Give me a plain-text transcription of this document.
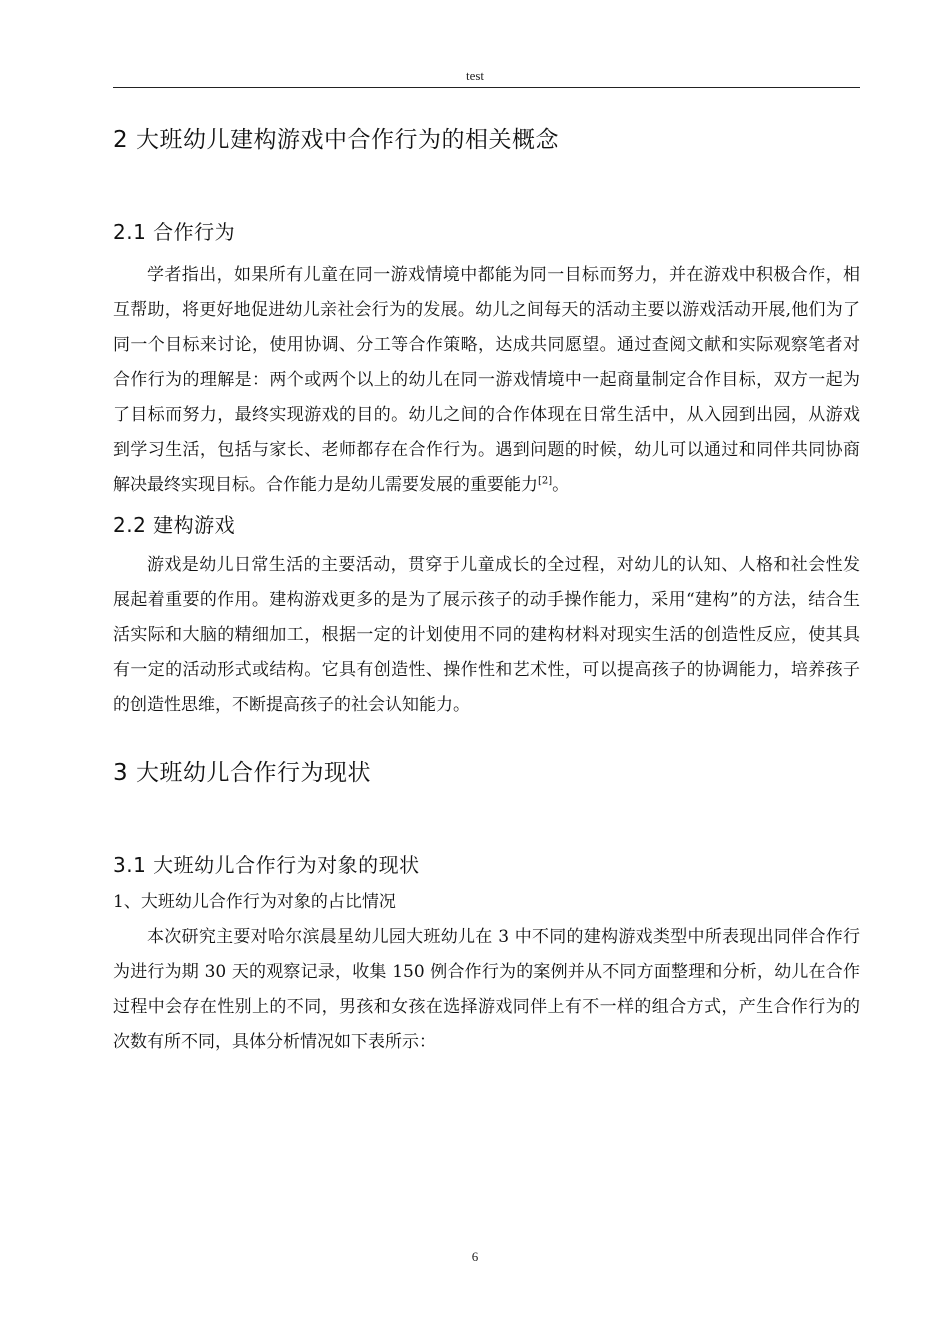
test
2 大班幼儿建构游戏中合作行为的相关概念
2.1 合作行为

学者指出，如果所有儿童在同一游戏情境中都能为同一目标而努力，并在游戏中积极合作，相互帮助，将更好地促进幼儿亲社会行为的发展。幼儿之间每天的活动主要以游戏活动开展,他们为了同一个目标来讨论，使用协调、分工等合作策略，达成共同愿望。通过查阅文献和实际观察笔者对合作行为的理解是：两个或两个以上的幼儿在同一游戏情境中一起商量制定合作目标，双方一起为了目标而努力，最终实现游戏的目的。幼儿之间的合作体现在日常生活中，从入园到出园，从游戏到学习生活，包括与家长、老师都存在合作行为。遇到问题的时候，幼儿可以通过和同伴共同协商解决最终实现目标。合作能力是幼儿需要发展的重要能力[2]。

2.2 建构游戏

游戏是幼儿日常生活的主要活动，贯穿于儿童成长的全过程，对幼儿的认知、人格和社会性发展起着重要的作用。建构游戏更多的是为了展示孩子的动手操作能力，采用“建构”的方法，结合生活实际和大脑的精细加工，根据一定的计划使用不同的建构材料对现实生活的创造性反应，使其具有一定的活动形式或结构。它具有创造性、操作性和艺术性，可以提高孩子的协调能力，培养孩子的创造性思维，不断提高孩子的社会认知能力。

3 大班幼儿合作行为现状
3.1 大班幼儿合作行为对象的现状

1、大班幼儿合作行为对象的占比情况

本次研究主要对哈尔滨晨星幼儿园大班幼儿在 3 中不同的建构游戏类型中所表现出同伴合作行为进行为期 30 天的观察记录，收集 150 例合作行为的案例并从不同方面整理和分析，幼儿在合作过程中会存在性别上的不同，男孩和女孩在选择游戏同伴上有不一样的组合方式，产生合作行为的次数有所不同，具体分析情况如下表所示：

6
